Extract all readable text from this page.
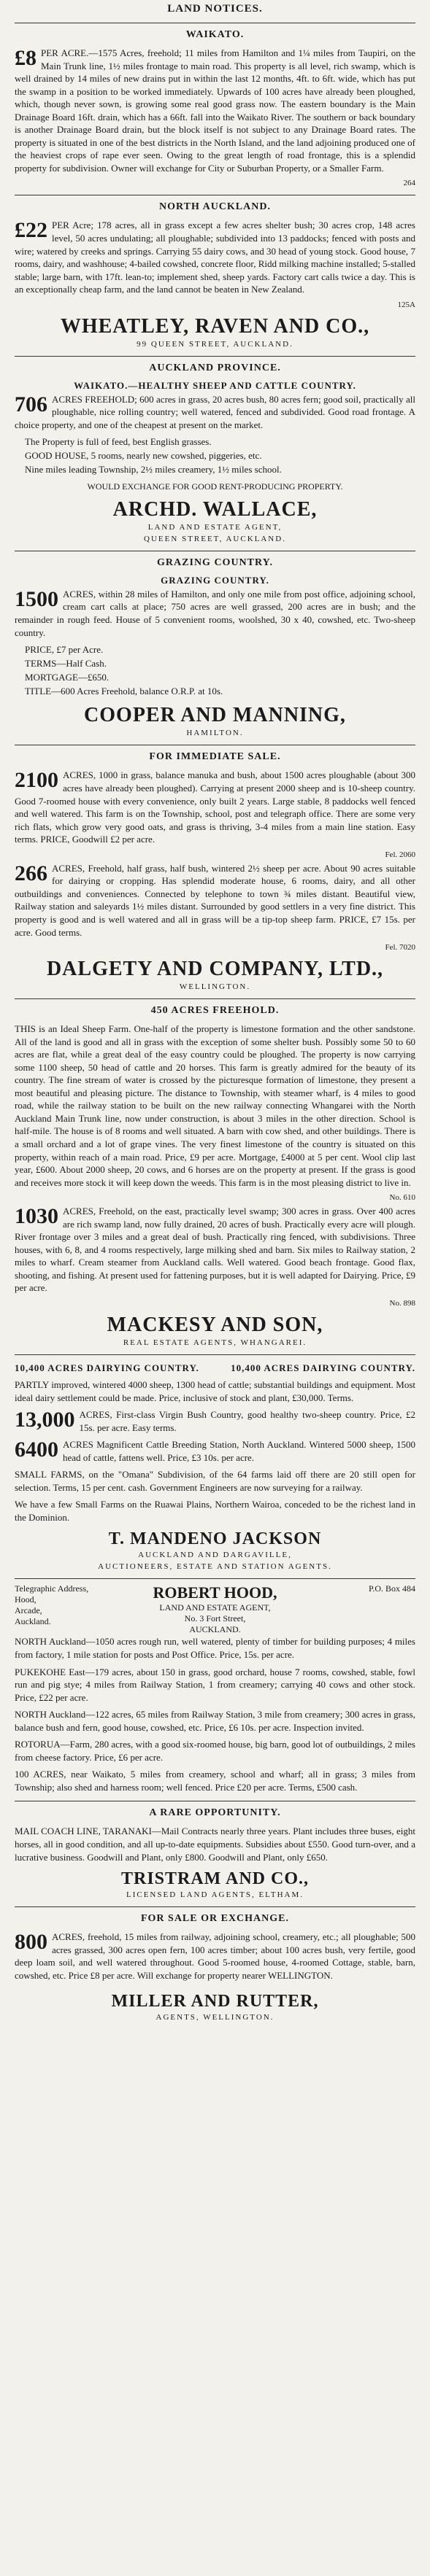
LAND NOTICES.
WAIKATO.

£8 PER ACRE.—1575 Acres, freehold; 11 miles from Hamilton and 1¼ miles from Taupiri, on the Main Trunk line, 1½ miles frontage to main road. This property is all level, rich swamp, which is well drained by 14 miles of new drains put in within the last 12 months, 4ft. to 6ft. wide, which has put the swamp in a position to be worked immediately. Upwards of 100 acres have already been ploughed, which, though never sown, is growing some real good grass now. The eastern boundary is the Main Drainage Board 16ft. drain, which has a 66ft. fall into the Waikato River. The southern or back boundary is another Drainage Board drain, but the block itself is not subject to any Drainage Board rates. The property is situated in one of the best districts in the North Island, and the land adjoining produced one of the heaviest crops of rape ever seen. Owing to the great length of road frontage, this is a splendid property for subdivision. Owner will exchange for City or Suburban Property, or a Smaller Farm.

264
NORTH AUCKLAND.

£22 PER Acre; 178 acres, all in grass except a few acres shelter bush; 30 acres crop, 148 acres level, 50 acres undulating; all ploughable; subdivided into 13 paddocks; fenced with posts and wire; watered by creeks and springs. Carrying 55 dairy cows, and 30 head of young stock. Good house, 7 rooms, dairy, and washhouse; 4-bailed cowshed, concrete floor, Ridd milking machine installed; 5-stalled stable; large barn, with 17ft. lean-to; implement shed, sheep yards. Factory cart calls twice a day. This is an exceptionally cheap farm, and the land cannot be beaten in New Zealand.

125A
WHEATLEY, RAVEN AND CO.,
99 QUEEN STREET, AUCKLAND.
AUCKLAND PROVINCE.
WAIKATO.—HEALTHY SHEEP AND CATTLE COUNTRY.

706 ACRES FREEHOLD; 600 acres in grass, 20 acres bush, 80 acres fern; good soil, practically all ploughable, nice rolling country; well watered, fenced and subdivided. Good road frontage. A choice property, and one of the cheapest at present on the market.

The Property is full of feed, best English grasses.
GOOD HOUSE, 5 rooms, nearly new cowshed, piggeries, etc.
Nine miles leading Township, 2½ miles creamery, 1½ miles school.
WOULD EXCHANGE FOR GOOD RENT-PRODUCING PROPERTY.
ARCHD. WALLACE,
LAND AND ESTATE AGENT,
QUEEN STREET, AUCKLAND.
GRAZING COUNTRY.
GRAZING COUNTRY.

1500 ACRES, within 28 miles of Hamilton, and only one mile from post office, adjoining school, cream cart calls at place; 750 acres are well grassed, 200 acres are in bush; and the remainder in rough feed. House of 5 convenient rooms, woolshed, 30 x 40, cowshed, etc. Two-sheep country.

PRICE, £7 per Acre.
TERMS—Half Cash.
MORTGAGE—£650.
TITLE—600 Acres Freehold, balance O.R.P. at 10s.
COOPER AND MANNING,
HAMILTON.
FOR IMMEDIATE SALE.

2100 ACRES, 1000 in grass, balance manuka and bush, about 1500 acres ploughable (about 300 acres have already been ploughed). Carrying at present 2000 sheep and is 10-sheep country. Good 7-roomed house with every convenience, only built 2 years. Large stable, 8 paddocks well fenced and well watered. This farm is on the Township, school, post and telegraph office. There are some very rich flats, which grow very good oats, and grass is thriving, 3-4 miles from a main line station. Easy terms. PRICE, Goodwill £2 per acre.

Fel. 2060

266 ACRES, Freehold, half grass, half bush, wintered 2½ sheep per acre. About 90 acres suitable for dairying or cropping. Has splendid moderate house, 6 rooms, dairy, and all other outbuildings and conveniences. Connected by telephone to town ¾ miles distant. Beautiful view, Railway station and saleyards 1½ miles distant. Surrounded by good settlers in a very fine district. This property is good and is well watered and all in grass will be a tip-top sheep farm. PRICE, £7 15s. per acre. Good terms.

Fel. 7020
DALGETY AND COMPANY, LTD.,
WELLINGTON.
450 ACRES FREEHOLD.

THIS is an Ideal Sheep Farm. One-half of the property is limestone formation and the other sandstone. All of the land is good and all in grass with the exception of some shelter bush. Possibly some 50 to 60 acres are flat, while a great deal of the easy country could be ploughed. The property is now carrying some 1100 sheep, 50 head of cattle and 20 horses. This farm is greatly admired for the beauty of its country. The fine stream of water is crossed by the picturesque formation of limestone, they present a most beautiful and pleasing picture. The distance to Township, with steamer wharf, is 4 miles to good road, while the railway station to be built on the new railway connecting Whangarei with the North Auckland Main Trunk line, now under construction, is about 3 miles in the other direction. School is half-mile. The house is of 8 rooms and well situated. A barn with cow shed, and other buildings. There is a small orchard and a lot of grape vines. The very finest limestone of the country is situated on this property, within reach of a main road. Price, £9 per acre. Mortgage, £4000 at 5 per cent. Wool clip last year, £600. About 2000 sheep, 20 cows, and 6 horses are on the property at present. If the grass is good and receives more stock it will keep down the weeds. This farm is in the most pleasing district to live in.

No. 610

1030 ACRES, Freehold, on the east, practically level swamp; 300 acres in grass. Over 400 acres are rich swamp land, now fully drained, 20 acres of bush. Practically every acre will plough. River frontage over 3 miles and a great deal of bush. Practically ring fenced, with subdivisions. Three houses, with 6, 8, and 4 rooms respectively, large milking shed and barn. Six miles to Railway station, 2 miles to wharf. Cream steamer from Auckland calls. Well watered. Good beach frontage. Good flax, shooting, and fishing. At present used for fattening purposes, but it is well adapted for Dairying. Price, £9 per acre.

No. 898
MACKESY AND SON,
REAL ESTATE AGENTS, WHANGAREI.
10,400 ACRES DAIRYING COUNTRY.	10,400 ACRES DAIRYING COUNTRY.

PARTLY improved, wintered 4000 sheep, 1300 head of cattle; substantial buildings and equipment. Most ideal dairy settlement could be made. Price, inclusive of stock and plant, £30,000. Terms.

13,000 ACRES, First-class Virgin Bush Country, good healthy two-sheep country. Price, £2 15s. per acre. Easy terms.

6400 ACRES Magnificent Cattle Breeding Station, North Auckland. Wintered 5000 sheep, 1500 head of cattle, fattens well. Price, £3 10s. per acre.

SMALL FARMS, on the "Omana" Subdivision, of the 64 farms laid off there are 20 still open for selection. Terms, 15 per cent. cash. Government Engineers are now surveying for a railway.

We have a few Small Farms on the Ruawai Plains, Northern Wairoa, conceded to be the richest land in the Dominion.

T. MANDENO JACKSON
AUCKLAND AND DARGAVILLE,
AUCTIONEERS, ESTATE AND STATION AGENTS.
Telegraphic Address,
Hood,
Arcade,
Auckland.
ROBERT HOOD,
LAND AND ESTATE AGENT,
No. 3 Fort Street,
AUCKLAND.
P.O. Box 484

NORTH Auckland—1050 acres rough run, well watered, plenty of timber for building purposes; 4 miles from factory, 1 mile station for posts and Post Office. Price, 15s. per acre.

PUKEKOHE East—179 acres, about 150 in grass, good orchard, house 7 rooms, cowshed, stable, fowl run and pig stye; 4 miles from Railway Station, 1 from creamery; carrying 40 cows and other stock. Price, £22 per acre.

NORTH Auckland—122 acres, 65 miles from Railway Station, 3 mile from creamery; 300 acres in grass, balance bush and fern, good house, cowshed, etc. Price, £6 10s. per acre. Inspection invited.

ROTORUA—Farm, 280 acres, with a good six-roomed house, big barn, good lot of outbuildings, 2 miles from cheese factory. Price, £6 per acre.

100 ACRES, near Waikato, 5 miles from creamery, school and wharf; all in grass; 3 miles from Township; also shed and harness room; well fenced. Price £20 per acre. Terms, £500 cash.

A RARE OPPORTUNITY.

MAIL COACH LINE, TARANAKI—Mail Contracts nearly three years. Plant includes three buses, eight horses, all in good condition, and all up-to-date equipments. Subsidies about £550. Good turn-over, and a lucrative business. Goodwill and Plant, only £800. Goodwill and Plant, only £650.

TRISTRAM AND CO.,
LICENSED LAND AGENTS, ELTHAM.
FOR SALE OR EXCHANGE.

800 ACRES, freehold, 15 miles from railway, adjoining school, creamery, etc.; all ploughable; 500 acres grassed, 300 acres open fern, 100 acres timber; about 100 acres bush, very fertile, good deep loam soil, and well watered throughout. Good 5-roomed house, 4-roomed Cottage, stable, barn, cowshed, etc. Price £8 per acre. Will exchange for property nearer WELLINGTON.

MILLER AND RUTTER,
AGENTS, WELLINGTON.
